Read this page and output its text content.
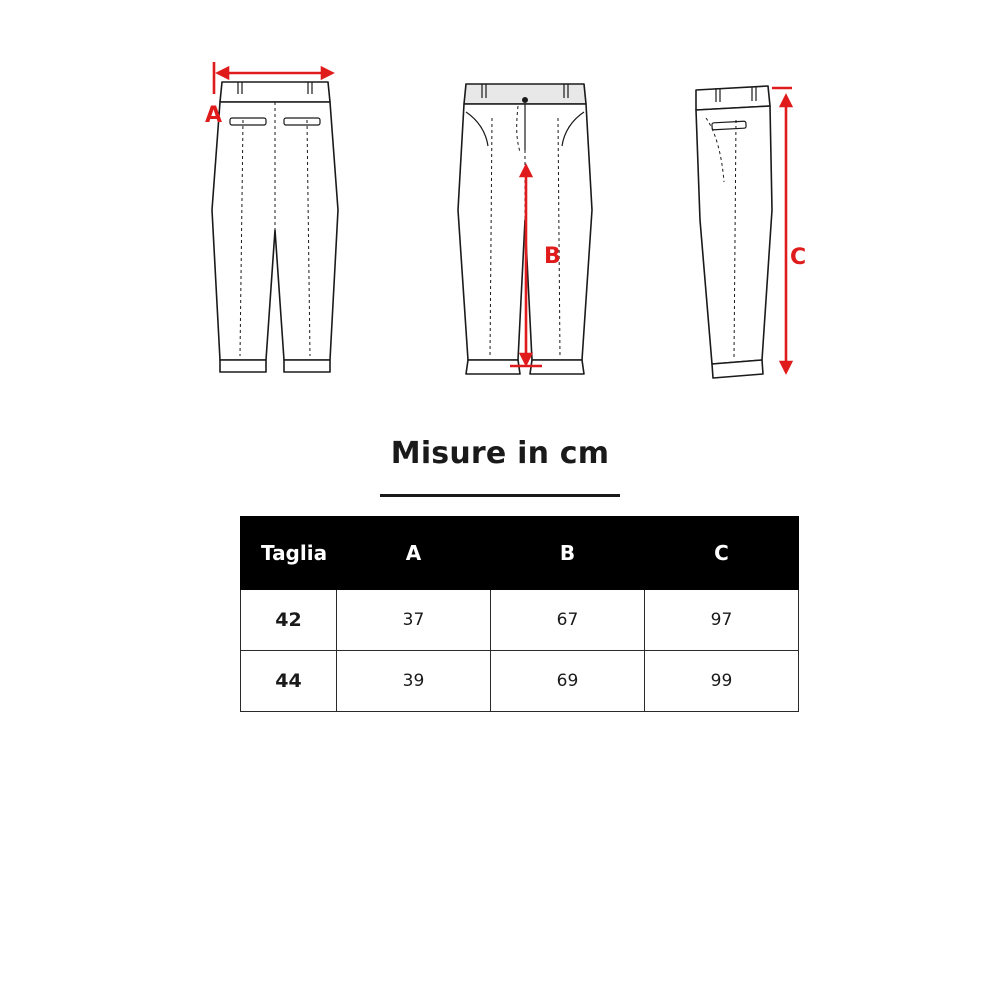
A
B	C
Misure in cm
Taglia	A	B	C
42	37	67	97
44	39	69	99
